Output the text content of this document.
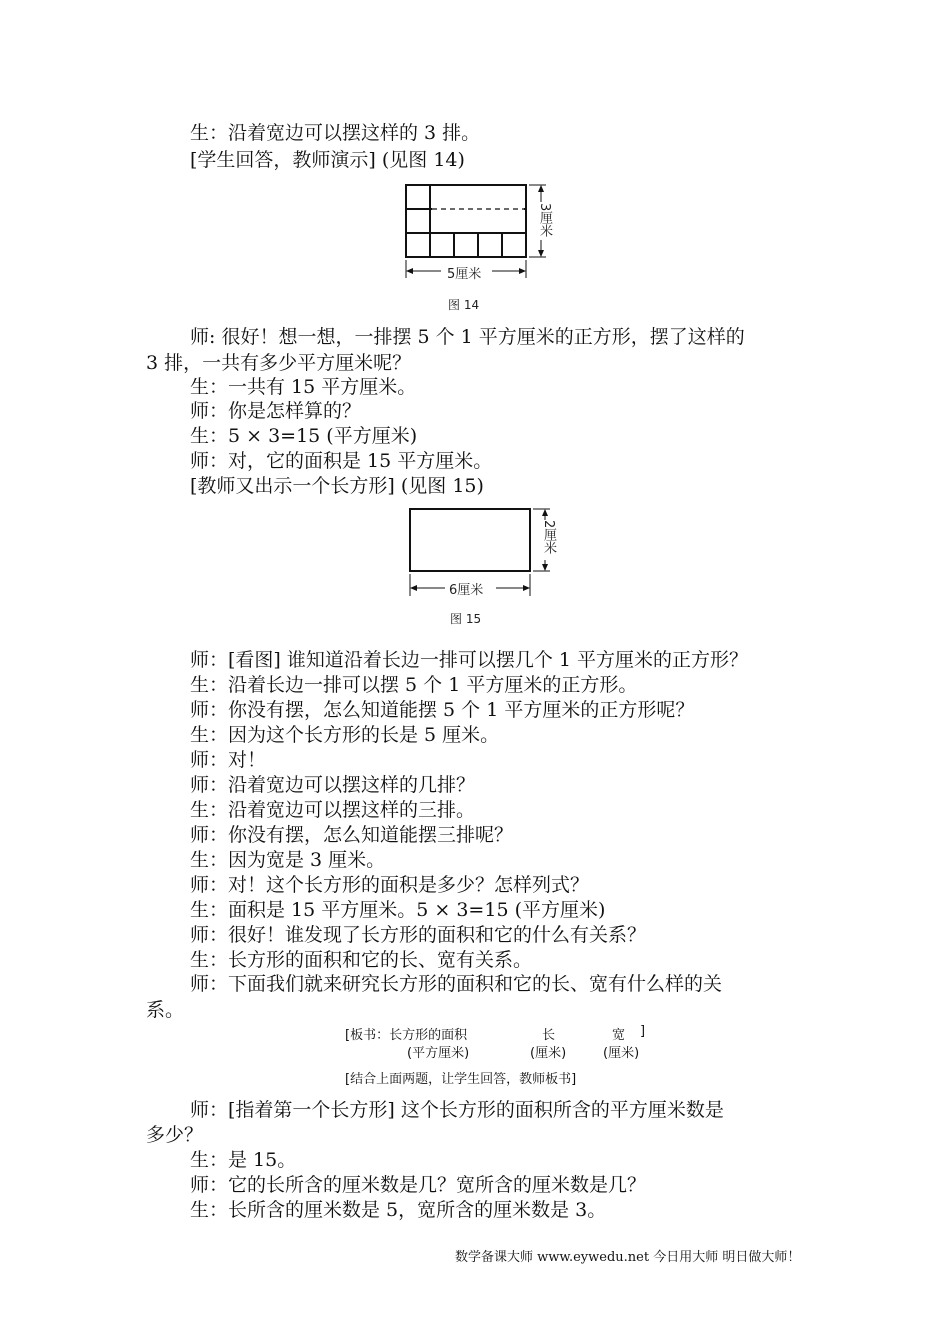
生：沿着宽边可以摆这样的 3 排。
[学生回答，教师演示] (见图 14)
3厘米
5厘米
图 14
师: 很好！想一想，一排摆 5 个 1 平方厘米的正方形，摆了这样的
3 排，一共有多少平方厘米呢？
生：一共有 15 平方厘米。
师：你是怎样算的？
生：5 × 3=15 (平方厘米)
师：对，它的面积是 15 平方厘米。
[教师又出示一个长方形] (见图 15)
2厘米
6厘米
图 15
师：[看图] 谁知道沿着长边一排可以摆几个 1 平方厘米的正方形？
生：沿着长边一排可以摆 5 个 1 平方厘米的正方形。
师：你没有摆，怎么知道能摆 5 个 1 平方厘米的正方形呢？
生：因为这个长方形的长是 5 厘米。
师：对！
师：沿着宽边可以摆这样的几排？
生：沿着宽边可以摆这样的三排。
师：你没有摆，怎么知道能摆三排呢？
生：因为宽是 3 厘米。
师：对！这个长方形的面积是多少？怎样列式？
生：面积是 15 平方厘米。5 × 3=15 (平方厘米)
师：很好！谁发现了长方形的面积和它的什么有关系？
生：长方形的面积和它的长、宽有关系。
师：下面我们就来研究长方形的面积和它的长、宽有什么样的关
系。
[板书：长方形的面积	长	宽 ]
(平方厘米)	(厘米)	(厘米)
[结合上面两题，让学生回答，教师板书]
师：[指着第一个长方形] 这个长方形的面积所含的平方厘米数是
多少？
生：是 15。
师：它的长所含的厘米数是几？宽所含的厘米数是几？
生：长所含的厘米数是 5，宽所含的厘米数是 3。
数学备课大师 www.eywedu.net 今日用大师 明日做大师！
